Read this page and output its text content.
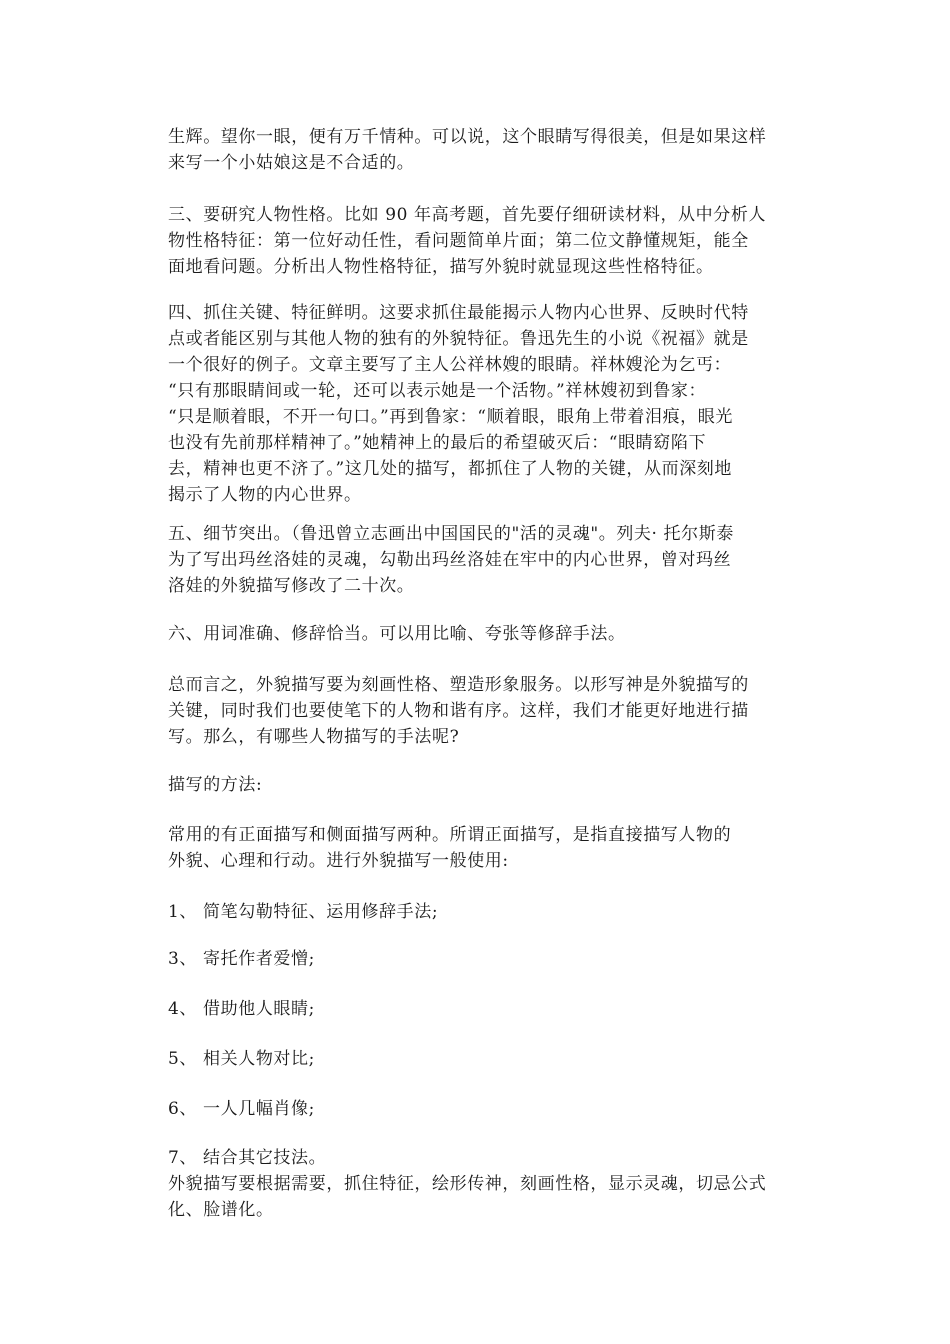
生辉。望你一眼，便有万千情种。可以说，这个眼睛写得很美，但是如果这样
来写一个小姑娘这是不合适的。

三、要研究人物性格。比如 90 年高考题，首先要仔细研读材料，从中分析人
物性格特征：第一位好动任性，看问题简单片面；第二位文静懂规矩，能全
面地看问题。分析出人物性格特征，描写外貌时就显现这些性格特征。

四、抓住关键、特征鲜明。这要求抓住最能揭示人物内心世界、反映时代特
点或者能区别与其他人物的独有的外貌特征。鲁迅先生的小说《祝福》就是
一个很好的例子。文章主要写了主人公祥林嫂的眼睛。祥林嫂沦为乞丐：
“只有那眼睛间或一轮，还可以表示她是一个活物。”祥林嫂初到鲁家：
“只是顺着眼，不开一句口。”再到鲁家：“顺着眼，眼角上带着泪痕，眼光
也没有先前那样精神了。”她精神上的最后的希望破灭后：“眼睛窈陷下
去，精神也更不济了。”这几处的描写，都抓住了人物的关键，从而深刻地
揭示了人物的内心世界。

五、细节突出。（鲁迅曾立志画出中国国民的"活的灵魂"。列夫· 托尔斯泰
为了写出玛丝洛娃的灵魂，勾勒出玛丝洛娃在牢中的内心世界，曾对玛丝
洛娃的外貌描写修改了二十次。

六、用词准确、修辞恰当。可以用比喻、夸张等修辞手法。

总而言之，外貌描写要为刻画性格、塑造形象服务。以形写神是外貌描写的
关键，同时我们也要使笔下的人物和谐有序。这样，我们才能更好地进行描
写。那么，有哪些人物描写的手法呢?

描写的方法:

常用的有正面描写和侧面描写两种。所谓正面描写，是指直接描写人物的
外貌、心理和行动。进行外貌描写一般使用:

1、 简笔勾勒特征、运用修辞手法;

3、 寄托作者爱憎;

4、 借助他人眼睛;

5、 相关人物对比;

6、 一人几幅肖像;

7、 结合其它技法。
外貌描写要根据需要，抓住特征，绘形传神，刻画性格，显示灵魂，切忌公式
化、脸谱化。
